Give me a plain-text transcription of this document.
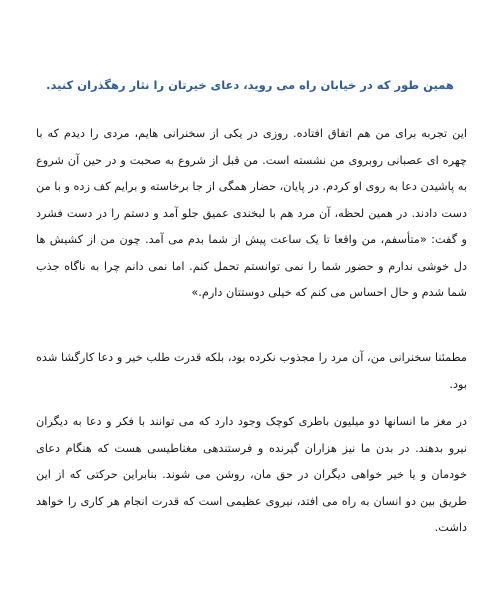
همین طور که در خیابان راه می روید، دعای خیرتان را نثار رهگذران کنید.

این تجربه برای من هم اتفاق افتاده. روزی در یکی از سخنرانی هایم، مردی را دیدم که با چهره ای عصبانی روبروی من نشسته است. من قبل از شروع به صحبت و در حین آن شروع به پاشیدن دعا به روی او کردم. در پایان، حضار همگی از جا برخاسته و برایم کف زده و با من دست دادند. در همین لحظه، آن مرد هم با لبخندی عمیق جلو آمد و دستم را در دست فشرد و گفت: «متأسفم، من واقعا تا یک ساعت پیش از شما بدم می آمد. چون من از کشیش ها دل خوشی ندارم و حضور شما را نمی توانستم تحمل کنم. اما نمی دانم چرا به ناگاه جذب شما شدم و حال احساس می کنم که خیلی دوستتان دارم.»

مطمئنا سخنرانی من، آن مرد را مجذوب نکرده بود، بلکه قدرت طلب خیر و دعا کارگشا شده بود.

در مغز ما انسانها دو میلیون باطری کوچک وجود دارد که می توانند با فکر و دعا به دیگران نیرو بدهند. در بدن ما نیز هزاران گیرنده و فرستندهی مغناطیسی هست که هنگام دعای خودمان و یا خیر خواهی دیگران در حق مان، روشن می شوند. بنابراین حرکتی که از این طریق بین دو انسان به راه می افتد، نیروی عظیمی است که قدرت انجام هر کاری را خواهد داشت.
